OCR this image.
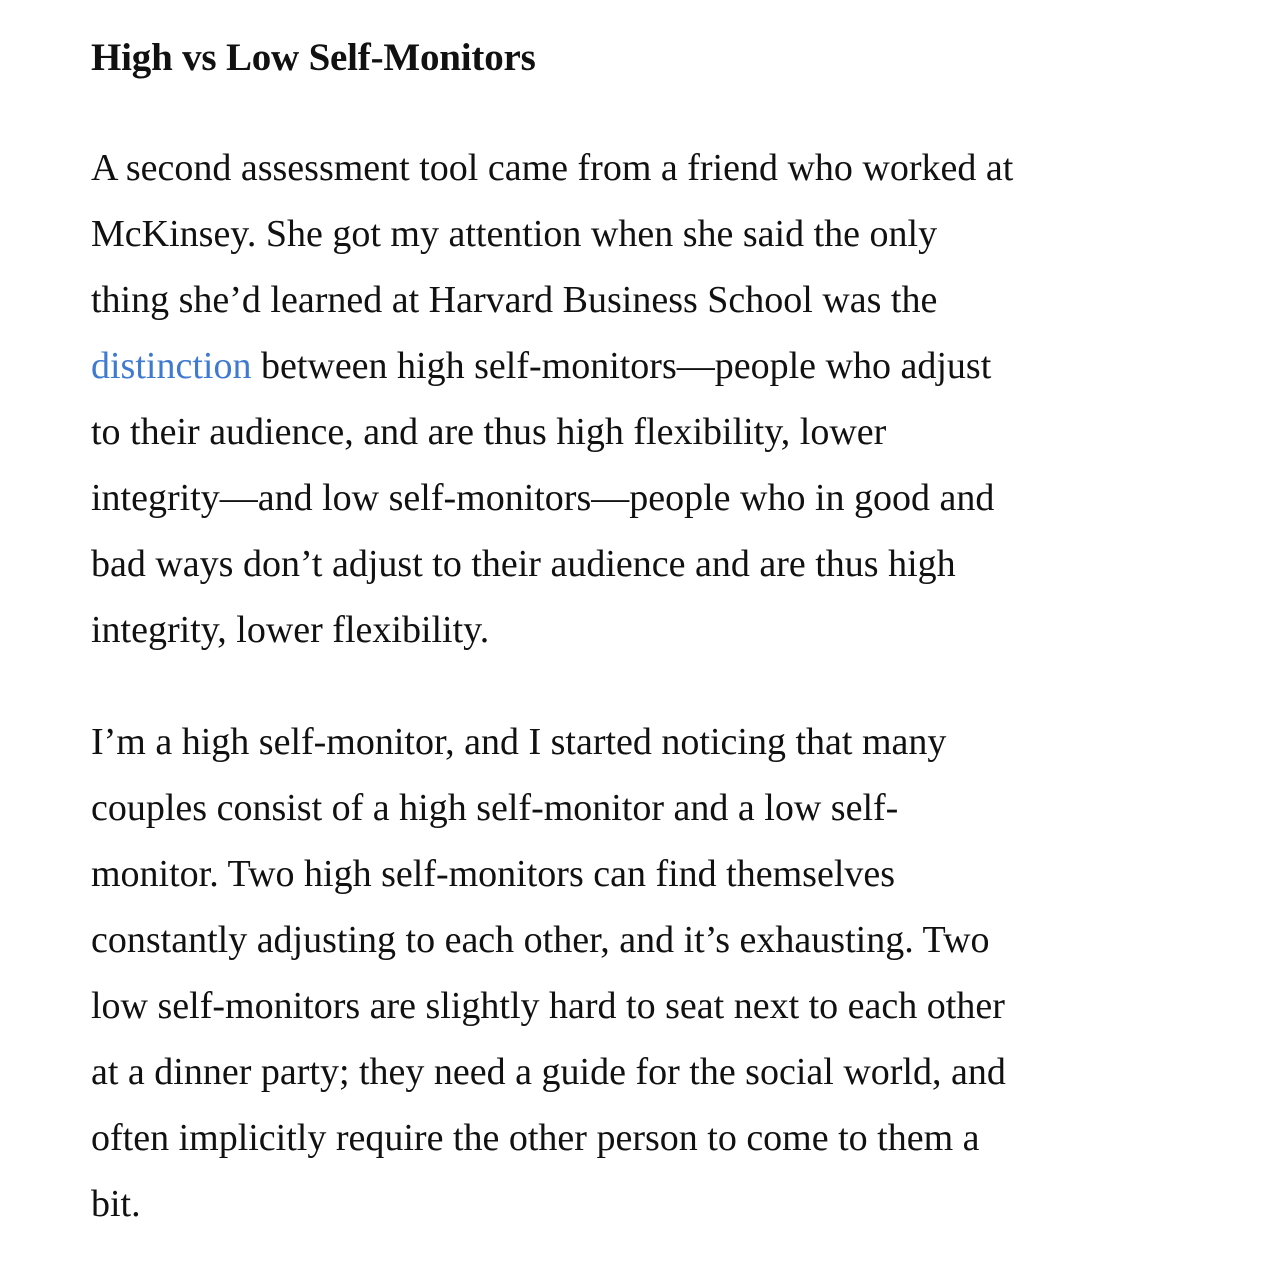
High vs Low Self-Monitors

A second assessment tool came from a friend who worked at
McKinsey. She got my attention when she said the only
thing she’d learned at Harvard Business School was the
distinction between high self-monitors—people who adjust
to their audience, and are thus high flexibility, lower
integrity—and low self-monitors—people who in good and
bad ways don’t adjust to their audience and are thus high
integrity, lower flexibility.

I’m a high self-monitor, and I started noticing that many
couples consist of a high self-monitor and a low self-
monitor. Two high self-monitors can find themselves
constantly adjusting to each other, and it’s exhausting. Two
low self-monitors are slightly hard to seat next to each other
at a dinner party; they need a guide for the social world, and
often implicitly require the other person to come to them a
bit.
